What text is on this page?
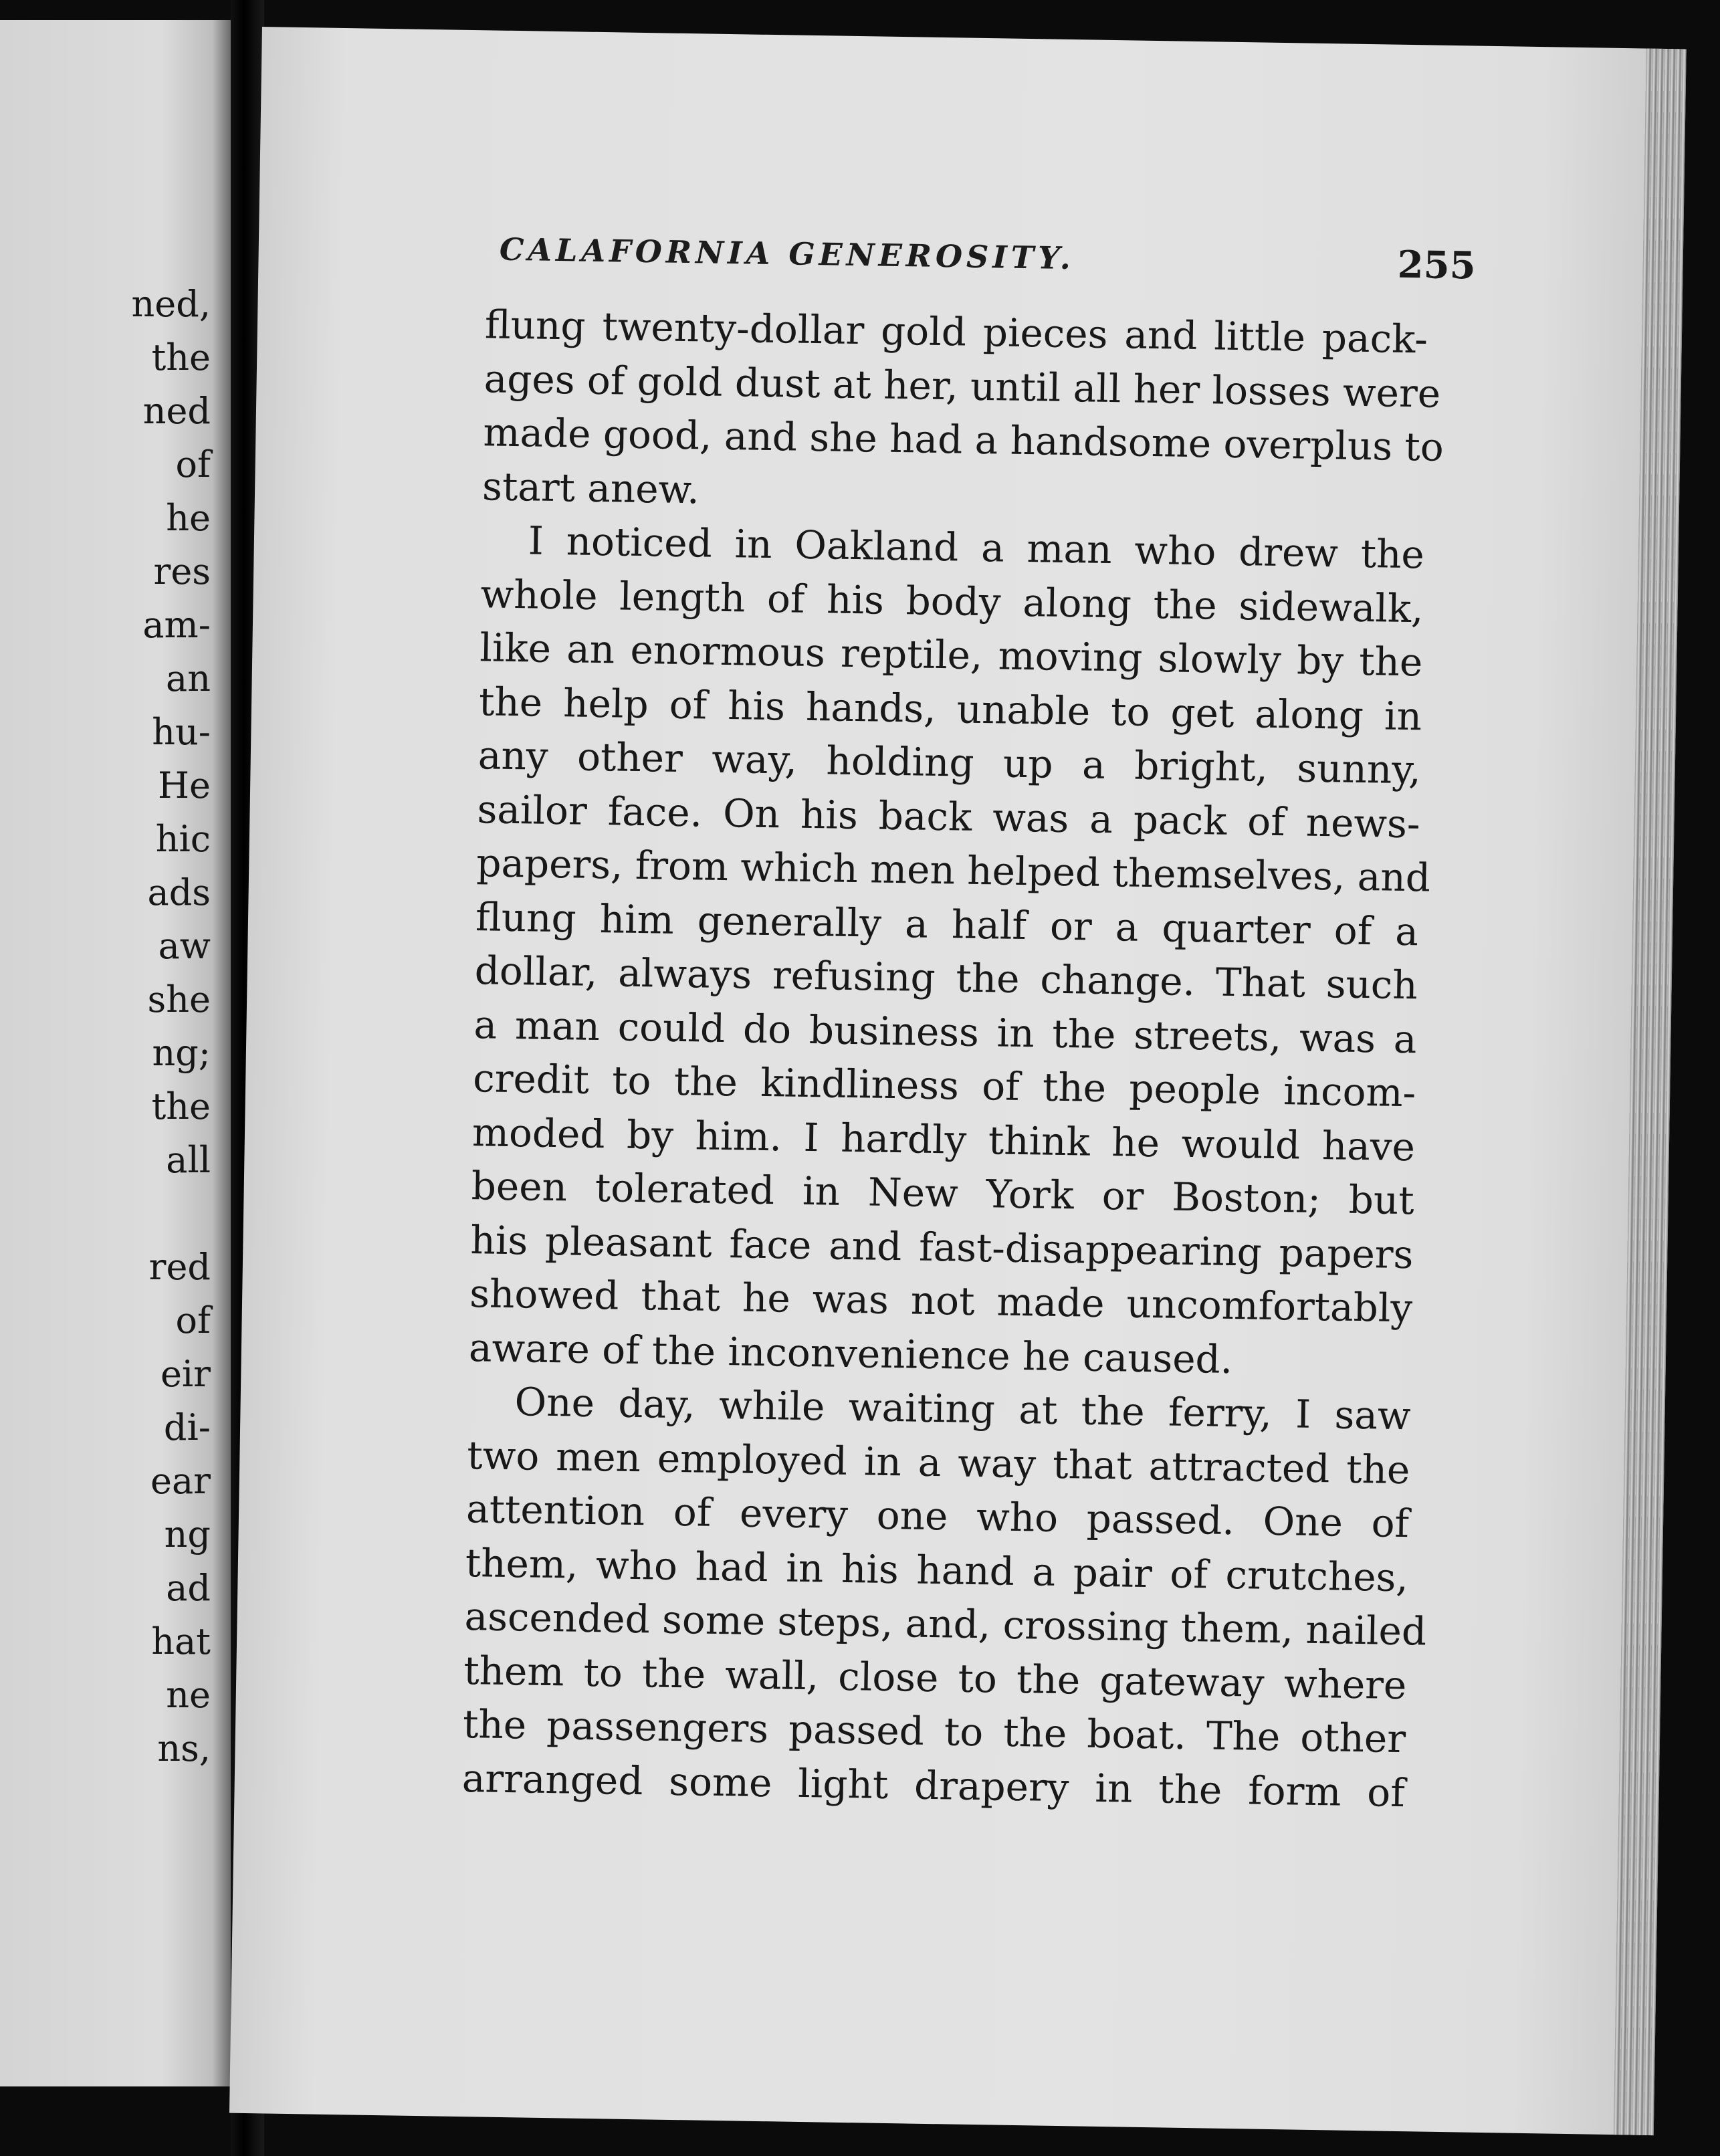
ned,
the
ned
of
he
res
am-
an
hu-
He
hic
ads
aw
she
ng;
the
all
red
of
eir
di-
ear
ng
ad
hat
ne
ns,
CALAFORNIA GENEROSITY.	255
flung twenty-dollar gold pieces and little pack-
ages of gold dust at her, until all her losses were
made good, and she had a handsome overplus to
start anew.
I noticed in Oakland a man who drew the
whole length of his body along the sidewalk,
like an enormous reptile, moving slowly by the
the help of his hands, unable to get along in
any other way, holding up a bright, sunny,
sailor face. On his back was a pack of news-
papers, from which men helped themselves, and
flung him generally a half or a quarter of a
dollar, always refusing the change. That such
a man could do business in the streets, was a
credit to the kindliness of the people incom-
moded by him. I hardly think he would have
been tolerated in New York or Boston; but
his pleasant face and fast-disappearing papers
showed that he was not made uncomfortably
aware of the inconvenience he caused.
One day, while waiting at the ferry, I saw
two men employed in a way that attracted the
attention of every one who passed. One of
them, who had in his hand a pair of crutches,
ascended some steps, and, crossing them, nailed
them to the wall, close to the gateway where
the passengers passed to the boat. The other
arranged some light drapery in the form of
